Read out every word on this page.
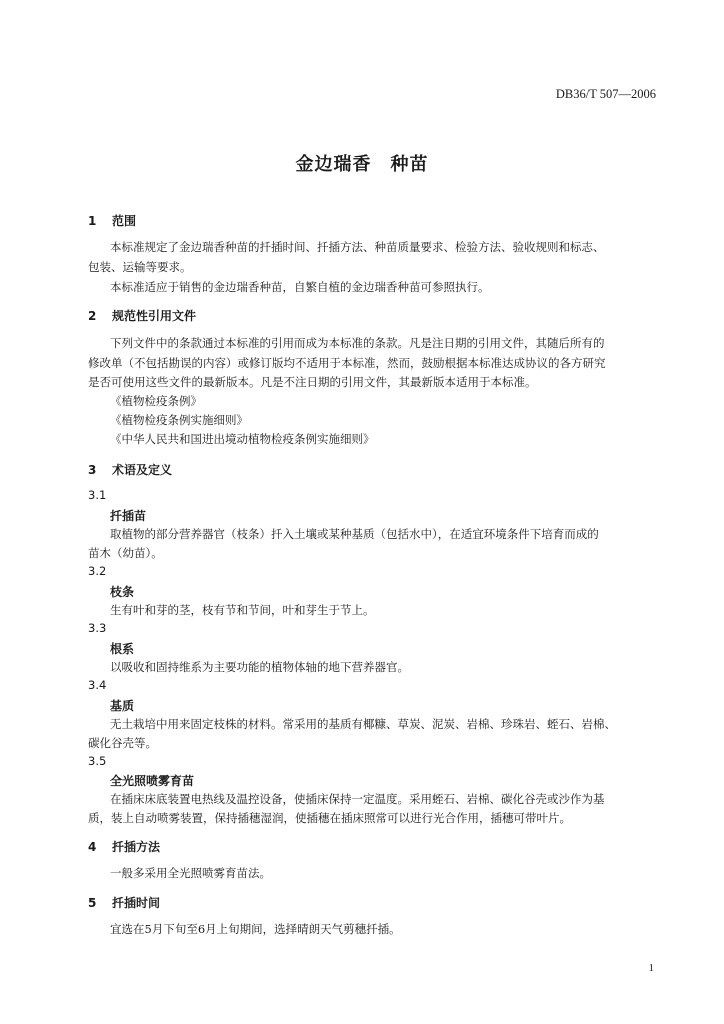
DB36/T 507—2006

金边瑞香　种苗

1 范围

本标准规定了金边瑞香种苗的扦插时间、扦插方法、种苗质量要求、检验方法、验收规则和标志、

包装、运输等要求。

本标准适应于销售的金边瑞香种苗，自繁自植的金边瑞香种苗可参照执行。

2 规范性引用文件

下列文件中的条款通过本标准的引用而成为本标准的条款。凡是注日期的引用文件，其随后所有的

修改单（不包括勘误的内容）或修订版均不适用于本标准，然而，鼓励根据本标准达成协议的各方研究

是否可使用这些文件的最新版本。凡是不注日期的引用文件，其最新版本适用于本标准。

《植物检疫条例》

《植物检疫条例实施细则》

《中华人民共和国进出境动植物检疫条例实施细则》

3 术语及定义

3.1

扦插苗

取植物的部分营养器官（枝条）扦入土壤或某种基质（包括水中），在适宜环境条件下培育而成的

苗木（幼苗）。

3.2

枝条

生有叶和芽的茎，枝有节和节间，叶和芽生于节上。

3.3

根系

以吸收和固持维系为主要功能的植物体轴的地下营养器官。

3.4

基质

无土栽培中用来固定枝株的材料。常采用的基质有椰糠、草炭、泥炭、岩棉、珍珠岩、蛭石、岩棉、

碳化谷壳等。

3.5

全光照喷雾育苗

在插床床底装置电热线及温控设备，使插床保持一定温度。采用蛭石、岩棉、碳化谷壳或沙作为基

质，装上自动喷雾装置，保持插穗湿润，使插穗在插床照常可以进行光合作用，插穗可带叶片。

4 扦插方法

一般多采用全光照喷雾育苗法。

5 扦插时间

宜选在5月下旬至6月上旬期间，选择晴朗天气剪穗扦插。

1
